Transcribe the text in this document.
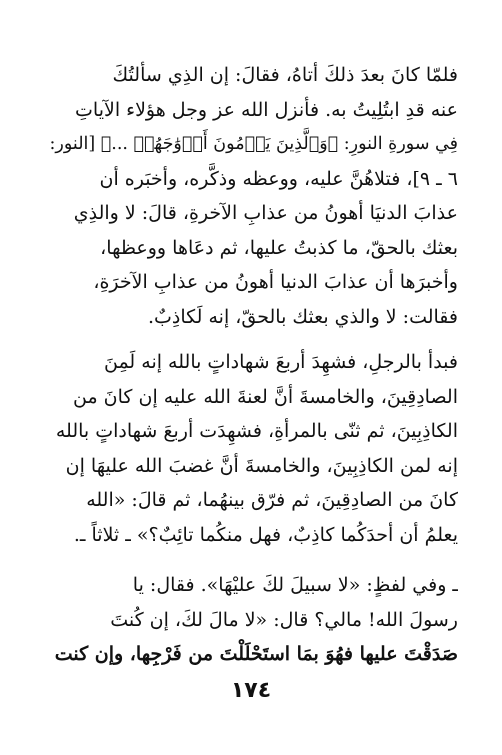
فلمّا كانَ بعدَ ذلكَ أتاهُ، فقالَ: إن الذِي سألتُكَ
عنه قدِ ابتُلِيتُ به. فأنزل الله عز وجل هؤلاء الآياتِ
فِي سورةِ النورِ: ﴿وَٱلَّذِينَ يَرۡمُونَ أَزۡوَٰجَهُمۡ ...﴾ [النور:
٦ ـ ٩]، فتلاهُنَّ عليه، ووعظه وذكَّره، وأخبَره أن
عذابَ الدنيَا أهونُ من عذابِ الآخرةِ، قالَ: لا والذِي
بعثك بالحقّ، ما كذبتُ عليها، ثم دعَاها ووعظها،
وأخبرَها أن عذابَ الدنيا أهونُ من عذابِ الآخرَةِ،
فقالت: لا والذي بعثك بالحقّ، إنه لَكاذِبٌ.
فبدأ بالرجلِ، فشهِدَ أربعَ شهاداتٍ بالله إنه لَمِنَ
الصادِقِينَ، والخامسةَ أنَّ لعنةَ الله عليه إن كانَ من
الكاذِبِينَ، ثم ثنّى بالمرأةِ، فشهِدَت أربعَ شهاداتٍ بالله
إنه لمن الكاذِبِينَ، والخامسةَ أنَّ غضبَ الله عليهَا إن
كانَ من الصادِقِينَ، ثم فرّق بينهُما، ثم قالَ: «الله
يعلمُ أن أحدَكُما كاذِبٌ، فهل منكُما تائِبٌ؟» ـ ثلاثاً ـ.
ـ وفي لفظٍ: «لا سبيلَ لكَ عليْهَا». فقال: يا
رسولَ الله! مالي؟ قال: «لا مالَ لكَ، إن كُنتَ
صَدَقْتَ عليها فهُوَ بمَا استَحْلَلْتَ من فَرْجِها، وإن كنت
١٧٤
